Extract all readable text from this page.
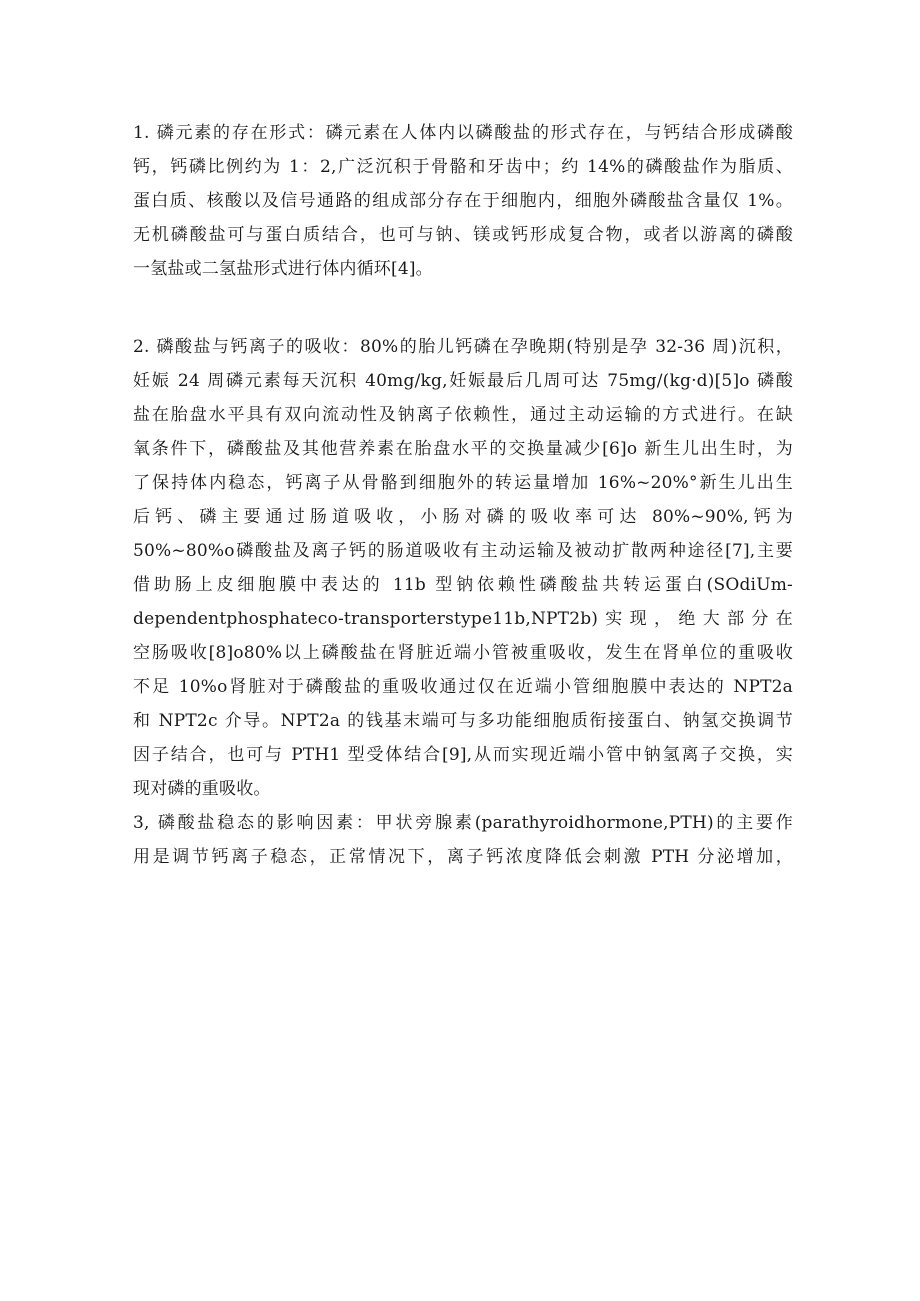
1. 磷元素的存在形式：磷元素在人体内以磷酸盐的形式存在，与钙结合形成磷酸
钙，钙磷比例约为 1：2,广泛沉积于骨骼和牙齿中；约 14%的磷酸盐作为脂质、
蛋白质、核酸以及信号通路的组成部分存在于细胞内，细胞外磷酸盐含量仅 1%。
无机磷酸盐可与蛋白质结合，也可与钠、镁或钙形成复合物，或者以游离的磷酸
一氢盐或二氢盐形式进行体内循环[4]。
2. 磷酸盐与钙离子的吸收：80%的胎儿钙磷在孕晚期(特别是孕 32-36 周)沉积，
妊娠 24 周磷元素每天沉积 40mg∕kg,妊娠最后几周可达 75mg∕(kg·d)[5]o 磷酸
盐在胎盘水平具有双向流动性及钠离子依赖性，通过主动运输的方式进行。在缺
氧条件下，磷酸盐及其他营养素在胎盘水平的交换量减少[6]o 新生儿出生时，为
了保持体内稳态，钙离子从骨骼到细胞外的转运量增加 16%~20%°新生儿出生
后钙、磷主要通过肠道吸收，小肠对磷的吸收率可达 80%~90%,钙为
50%~80%o磷酸盐及离子钙的肠道吸收有主动运输及被动扩散两种途径[7],主要
借助肠上皮细胞膜中表达的 11b 型钠依赖性磷酸盐共转运蛋白(SOdiUm-
dependentphosphateco-transporterstype11b,NPT2b)实现，绝大部分在
空肠吸收[8]o80%以上磷酸盐在肾脏近端小管被重吸收，发生在肾单位的重吸收
不足 10%o肾脏对于磷酸盐的重吸收通过仅在近端小管细胞膜中表达的 NPT2a
和 NPT2c 介导。NPT2a 的钱基末端可与多功能细胞质衔接蛋白、钠氢交换调节
因子结合，也可与 PTH1 型受体结合[9],从而实现近端小管中钠氢离子交换，实
现对磷的重吸收。
3, 磷酸盐稳态的影响因素：甲状旁腺素(parathyroidhormone,PTH)的主要作
用是调节钙离子稳态，正常情况下，离子钙浓度降低会刺激 PTH 分泌增加，
